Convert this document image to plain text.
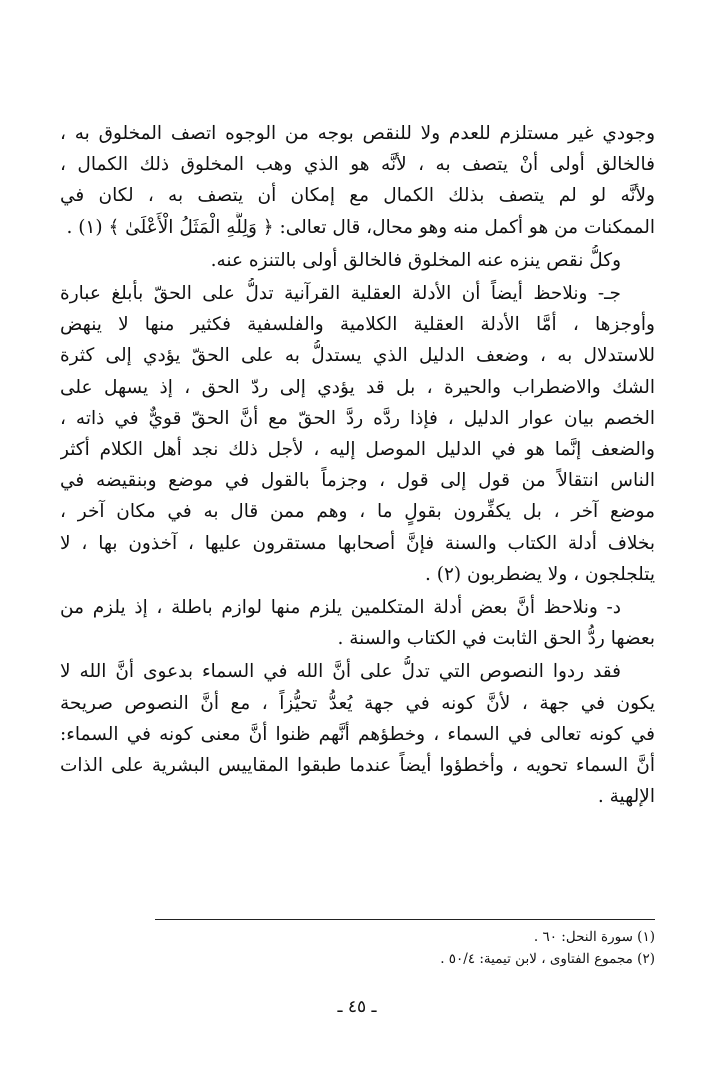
وجودي غير مستلزم للعدم ولا للنقص بوجه من الوجوه اتصف المخلوق به ،
فالخالق أولى أنْ يتصف به ، لأنَّه هو الذي وهب المخلوق ذلك الكمال ،
ولأنَّه لو لم يتصف بذلك الكمال مع إمكان أن يتصف به ، لكان في
الممكنات من هو أكمل منه وهو محال، قال تعالى: ﴿ وَلِلَّهِ الْمَثَلُ الْأَعْلَىٰ ﴾ (١) .

وكلُّ نقص ينزه عنه المخلوق فالخالق أولى بالتنزه عنه.

جـ- ونلاحظ أيضاً أن الأدلة العقلية القرآنية تدلُّ على الحقّ بأبلغ عبارة
وأوجزها ، أمَّا الأدلة العقلية الكلامية والفلسفية فكثير منها لا ينهض
للاستدلال به ، وضعف الدليل الذي يستدلُّ به على الحقّ يؤدي إلى كثرة
الشك والاضطراب والحيرة ، بل قد يؤدي إلى ردّ الحق ، إذ يسهل على
الخصم بيان عوار الدليل ، فإذا ردَّه ردَّ الحقّ مع أنَّ الحقّ قويٌّ في ذاته ،
والضعف إنَّما هو في الدليل الموصل إليه ، لأجل ذلك نجد أهل الكلام أكثر
الناس انتقالاً من قول إلى قول ، وجزماً بالقول في موضع وبنقيضه في
موضع آخر ، بل يكفِّرون بقولٍ ما ، وهم ممن قال به في مكان آخر ،
بخلاف أدلة الكتاب والسنة فإنَّ أصحابها مستقرون عليها ، آخذون بها ، لا
يتلجلجون ، ولا يضطربون (٢) .

د- ونلاحظ أنَّ بعض أدلة المتكلمين يلزم منها لوازم باطلة ، إذ يلزم من
بعضها ردُّ الحق الثابت في الكتاب والسنة .

فقد ردوا النصوص التي تدلُّ على أنَّ الله في السماء بدعوى أنَّ الله لا
يكون في جهة ، لأنَّ كونه في جهة يُعدُّ تحيُّزاً ، مع أنَّ النصوص صريحة
في كونه تعالى في السماء ، وخطؤهم أنَّهم ظنوا أنَّ معنى كونه في السماء:
أنَّ السماء تحويه ، وأخطؤوا أيضاً عندما طبقوا المقاييس البشرية على الذات
الإلهية .

(١) سورة النحل: ٦٠ .
(٢) مجموع الفتاوى ، لابن تيمية: ٥٠/٤ .
ـ ٤٥ ـ
